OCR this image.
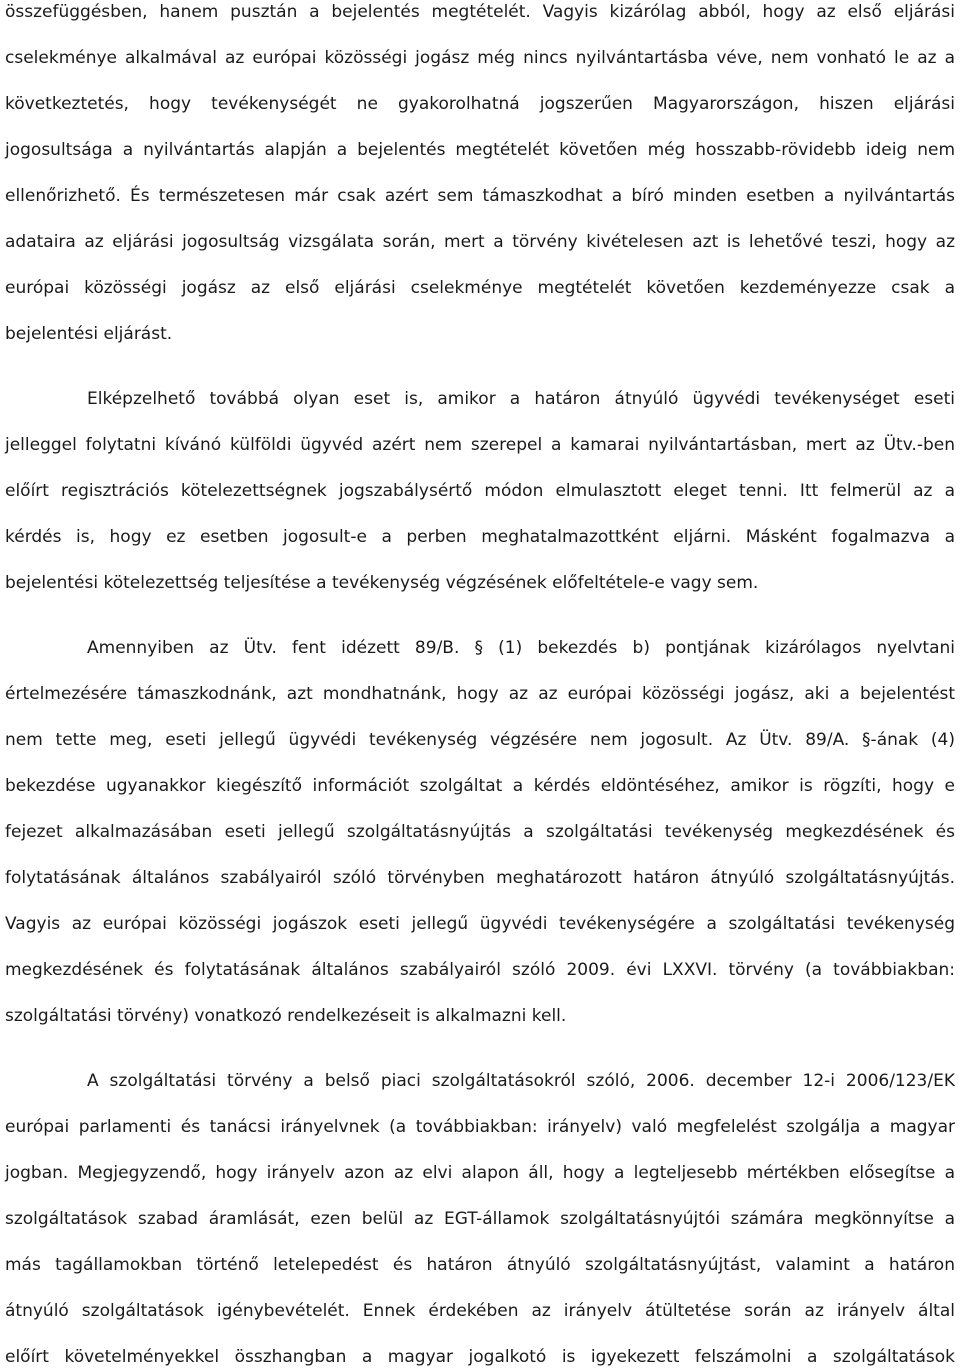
összefüggésben, hanem pusztán a bejelentés megtételét. Vagyis kizárólag abból, hogy az első eljárási
cselekménye alkalmával az európai közösségi jogász még nincs nyilvántartásba véve, nem vonható le az a
következtetés, hogy tevékenységét ne gyakorolhatná jogszerűen Magyarországon, hiszen eljárási
jogosultsága a nyilvántartás alapján a bejelentés megtételét követően még hosszabb-rövidebb ideig nem
ellenőrizhető. És természetesen már csak azért sem támaszkodhat a bíró minden esetben a nyilvántartás
adataira az eljárási jogosultság vizsgálata során, mert a törvény kivételesen azt is lehetővé teszi, hogy az
európai közösségi jogász az első eljárási cselekménye megtételét követően kezdeményezze csak a
bejelentési eljárást.
Elképzelhető továbbá olyan eset is, amikor a határon átnyúló ügyvédi tevékenységet eseti
jelleggel folytatni kívánó külföldi ügyvéd azért nem szerepel a kamarai nyilvántartásban, mert az Ütv.-ben
előírt regisztrációs kötelezettségnek jogszabálysértő módon elmulasztott eleget tenni. Itt felmerül az a
kérdés is, hogy ez esetben jogosult-e a perben meghatalmazottként eljárni. Másként fogalmazva a
bejelentési kötelezettség teljesítése a tevékenység végzésének előfeltétele-e vagy sem.
Amennyiben az Ütv. fent idézett 89/B. § (1) bekezdés b) pontjának kizárólagos nyelvtani
értelmezésére támaszkodnánk, azt mondhatnánk, hogy az az európai közösségi jogász, aki a bejelentést
nem tette meg, eseti jellegű ügyvédi tevékenység végzésére nem jogosult. Az Ütv. 89/A. §-ának (4)
bekezdése ugyanakkor kiegészítő információt szolgáltat a kérdés eldöntéséhez, amikor is rögzíti, hogy e
fejezet alkalmazásában eseti jellegű szolgáltatásnyújtás a szolgáltatási tevékenység megkezdésének és
folytatásának általános szabályairól szóló törvényben meghatározott határon átnyúló szolgáltatásnyújtás.
Vagyis az európai közösségi jogászok eseti jellegű ügyvédi tevékenységére a szolgáltatási tevékenység
megkezdésének és folytatásának általános szabályairól szóló 2009. évi LXXVI. törvény (a továbbiakban:
szolgáltatási törvény) vonatkozó rendelkezéseit is alkalmazni kell.
A szolgáltatási törvény a belső piaci szolgáltatásokról szóló, 2006. december 12-i 2006/123/EK
európai parlamenti és tanácsi irányelvnek (a továbbiakban: irányelv) való megfelelést szolgálja a magyar
jogban. Megjegyzendő, hogy irányelv azon az elvi alapon áll, hogy a legteljesebb mértékben elősegítse a
szolgáltatások szabad áramlását, ezen belül az EGT-államok szolgáltatásnyújtói számára megkönnyítse a
más tagállamokban történő letelepedést és határon átnyúló szolgáltatásnyújtást, valamint a határon
átnyúló szolgáltatások igénybevételét. Ennek érdekében az irányelv átültetése során az irányelv által
előírt követelményekkel összhangban a magyar jogalkotó is igyekezett felszámolni a szolgáltatások
